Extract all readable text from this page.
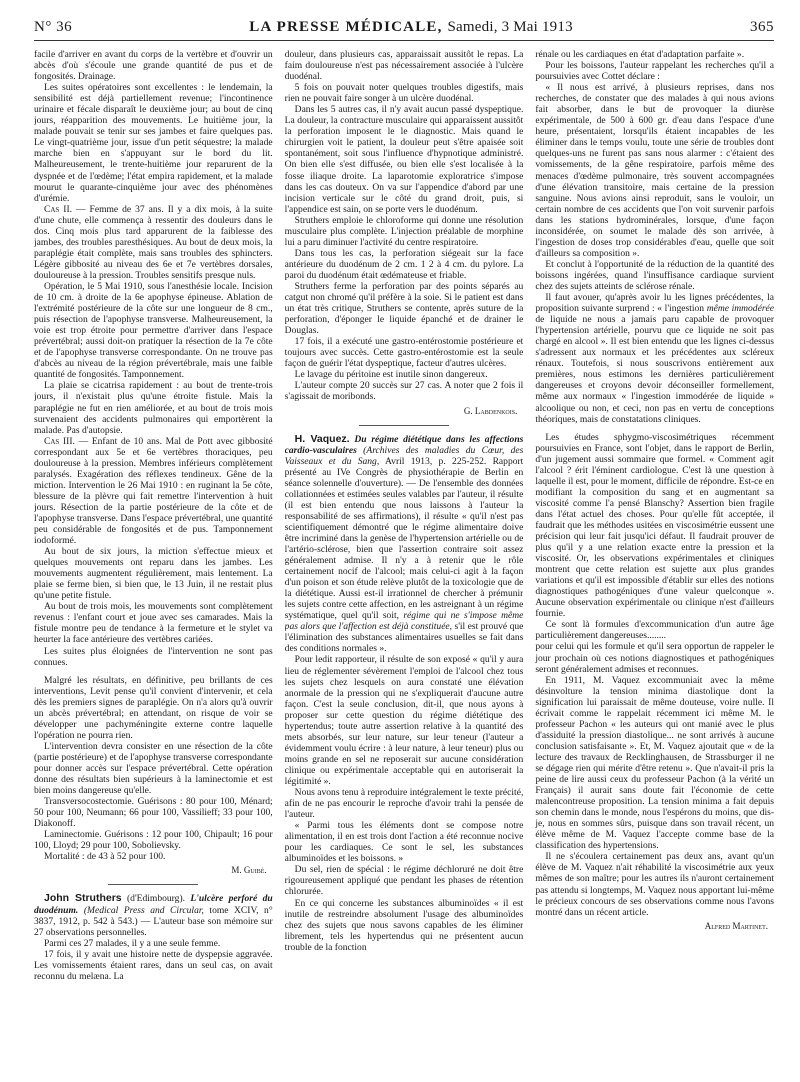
N° 36	LA PRESSE MÉDICALE, Samedi, 3 Mai 1913	365

facile d'arriver en avant du corps de la vertèbre et d'ouvrir un abcès d'où s'écoule une grande quantité de pus et de fongosités. Drainage.

Les suites opératoires sont excellentes : le lendemain, la sensibilité est déjà partiellement revenue; l'incontinence urinaire et fécale disparaît le deuxième jour; au bout de cinq jours, réapparition des mouvements. Le huitième jour, la malade pouvait se tenir sur ses jambes et faire quelques pas. Le vingt-quatrième jour, issue d'un petit séquestre; la malade marche bien en s'appuyant sur le bord du lit. Malheureusement, le trente-huitième jour reparurent de la dyspnée et de l'œdème; l'état empira rapidement, et la malade mourut le quarante-cinquième jour avec des phénomènes d'urémie.

Cas II. — Femme de 37 ans. Il y a dix mois, à la suite d'une chute, elle commença à ressentir des douleurs dans le dos. Cinq mois plus tard apparurent de la faiblesse des jambes, des troubles paresthésiques. Au bout de deux mois, la paraplégie était complète, mais sans troubles des sphincters. Légère gibbosité au niveau des 6e et 7e vertèbres dorsales, douloureuse à la pression. Troubles sensitifs presque nuls.

Opération, le 5 Mai 1910, sous l'anesthésie locale. Incision de 10 cm. à droite de la 6e apophyse épineuse. Ablation de l'extrémité postérieure de la côte sur une longueur de 8 cm., puis résection de l'apophyse transverse. Malheureusement, la voie est trop étroite pour permettre d'arriver dans l'espace prévertébral; aussi doit-on pratiquer la résection de la 7e côte et de l'apophyse transverse correspondante. On ne trouve pas d'abcès au niveau de la région prévertébrale, mais une faible quantité de fongosités. Tamponnement.

La plaie se cicatrisa rapidement : au bout de trente-trois jours, il n'existait plus qu'une étroite fistule. Mais la paraplégie ne fut en rien améliorée, et au bout de trois mois survenaient des accidents pulmonaires qui emportèrent la malade. Pas d'autopsie.

Cas III. — Enfant de 10 ans. Mal de Pott avec gibbosité correspondant aux 5e et 6e vertèbres thoraciques, peu douloureuse à la pression. Membres inférieurs complètement paralysés. Exagération des réflexes tendineux. Gêne de la miction. Intervention le 26 Mai 1910 : en ruginant la 5e côte, blessure de la plèvre qui fait remettre l'intervention à huit jours. Résection de la partie postérieure de la côte et de l'apophyse transverse. Dans l'espace prévertébral, une quantité peu considérable de fongosités et de pus. Tamponnement iodoformé.

Au bout de six jours, la miction s'effectue mieux et quelques mouvements ont reparu dans les jambes. Les mouvements augmentent régulièrement, mais lentement. La plaie se ferme bien, si bien que, le 13 Juin, il ne restait plus qu'une petite fistule.

Au bout de trois mois, les mouvements sont complètement revenus : l'enfant court et joue avec ses camarades. Mais la fistule montre peu de tendance à la fermeture et le stylet va heurter la face antérieure des vertèbres cariées.

Les suites plus éloignées de l'intervention ne sont pas connues.

Malgré les résultats, en définitive, peu brillants de ces interventions, Levit pense qu'il convient d'intervenir, et cela dès les premiers signes de paraplégie. On n'a alors qu'à ouvrir un abcès prévertébral; en attendant, on risque de voir se développer une pachyméningite externe contre laquelle l'opération ne pourra rien.

L'intervention devra consister en une résection de la côte (partie postérieure) et de l'apophyse transverse correspondante pour donner accès sur l'espace prévertébral. Cette opération donne des résultats bien supérieurs à la laminectomie et est bien moins dangereuse qu'elle.

Transversocostectomie. Guérisons : 80 pour 100, Ménard; 50 pour 100, Neumann; 66 pour 100, Vassilieff; 33 pour 100, Diakonoff.

Laminectomie. Guérisons : 12 pour 100, Chipault; 16 pour 100, Lloyd; 29 pour 100, Sobolievsky.

Mortalité : de 43 à 52 pour 100.

M. Guibé.

John Struthers (d'Edimbourg). L'ulcère perforé du duodénum. (Medical Press and Circular, tome XCIV, n° 3837, 1912, p. 542 à 543.) — L'auteur base son mémoire sur 27 observations personnelles.

Parmi ces 27 malades, il y a une seule femme.

17 fois, il y avait une histoire nette de dyspepsie aggravée. Les vomissements étaient rares, dans un seul cas, on avait reconnu du melæna. La

douleur, dans plusieurs cas, apparaissait aussitôt le repas. La faim douloureuse n'est pas nécessairement associée à l'ulcère duodénal.

5 fois on pouvait noter quelques troubles digestifs, mais rien ne pouvait faire songer à un ulcère duodénal.

Dans les 5 autres cas, il n'y avait aucun passé dyspeptique. La douleur, la contracture musculaire qui apparaissent aussitôt la perforation imposent le le diagnostic. Mais quand le chirurgien voit le patient, la douleur peut s'être apaisée soit spontanément, soit sous l'influence d'hypnotique administré. On bien elle s'est diffusée, ou bien elle s'est localisée à la fosse iliaque droite. La laparotomie exploratrice s'impose dans les cas douteux. On va sur l'appendice d'abord par une incision verticale sur le côté du grand droit, puis, si l'appendice est sain, on se porte vers le duodénum.

Struthers emploie le chloroforme qui donne une résolution musculaire plus complète. L'injection préalable de morphine lui a paru diminuer l'activité du centre respiratoire.

Dans tous les cas, la perforation siégeait sur la face antérieure du duodénum de 2 cm. 1 2 à 4 cm. du pylore. La paroi du duodénum était œdémateuse et friable.

Struthers ferme la perforation par des points séparés au catgut non chromé qu'il préfère à la soie. Si le patient est dans un état très critique, Struthers se contente, après suture de la perforation, d'éponger le liquide épanché et de drainer le Douglas.

17 fois, il a exécuté une gastro-entérostomie postérieure et toujours avec succès. Cette gastro-entérostomie est la seule façon de guérir l'état dyspeptique, facteur d'autres ulcères.

Le lavage du péritoine est inutile sinon dangereux.

L'auteur compte 20 succès sur 27 cas. A noter que 2 fois il s'agissait de moribonds.

G. Labdenkois.

H. Vaquez. Du régime diététique dans les affections cardio-vasculaires (Archives des maladies du Cœur, des Vaisseaux et du Sang, Avril 1913, p. 225-252. Rapport présenté au IVe Congrès de physiothérapie de Berlin en séance solennelle d'ouverture). — De l'ensemble des données collationnées et estimées seules valables par l'auteur, il résulte (il est bien entendu que nous laissons à l'auteur la responsabilité de ses affirmations), il résulte « qu'il n'est pas scientifiquement démontré que le régime alimentaire doive être incriminé dans la genèse de l'hypertension artérielle ou de l'artério-sclérose, bien que l'assertion contraire soit assez généralement admise. Il n'y a à retenir que le rôle certainement nocif de l'alcool; mais celui-ci agit à la façon d'un poison et son étude relève plutôt de la toxicologie que de la diététique. Aussi est-il irrationnel de chercher à prémunir les sujets contre cette affection, en les astreignant à un régime systématique, quel qu'il soit, régime qui ne s'impose même pas alors que l'affection est déjà constituée, s'il est prouvé que l'élimination des substances alimentaires usuelles se fait dans des conditions normales ».

Pour ledit rapporteur, il résulte de son exposé « qu'il y aura lieu de réglementer sévèrement l'emploi de l'alcool chez tous les sujets chez lesquels on aura constaté une élévation anormale de la pression qui ne s'expliquerait d'aucune autre façon. C'est la seule conclusion, dit-il, que nous ayons à proposer sur cette question du régime diététique des hypertendus; toute autre assertion relative à la quantité des mets absorbés, sur leur nature, sur leur teneur (l'auteur a évidemment voulu écrire : à leur nature, à leur teneur) plus ou moins grande en sel ne reposerait sur aucune considération clinique ou expérimentale acceptable qui en autoriserait la légitimité ».

Nous avons tenu à reproduire intégralement le texte précité, afin de ne pas encourir le reproche d'avoir trahi la pensée de l'auteur.

« Parmi tous les éléments dont se compose notre alimentation, il en est trois dont l'action a été reconnue nocive pour les cardiaques. Ce sont le sel, les substances albuminoïdes et les boissons. »

Du sel, rien de spécial : le régime déchloruré ne doit être rigoureusement appliqué que pendant les phases de rétention chlorurée.

En ce qui concerne les substances albuminoïdes « il est inutile de restreindre absolument l'usage des albuminoïdes chez des sujets que nous savons capables de les éliminer librement, tels les hypertendus qui ne présentent aucun trouble de la fonction

rénale ou les cardiaques en état d'adaptation parfaite ».

Pour les boissons, l'auteur rappelant les recherches qu'il a poursuivies avec Cottet déclare :

« Il nous est arrivé, à plusieurs reprises, dans nos recherches, de constater que des malades à qui nous avions fait absorber, dans le but de provoquer la diurèse expérimentale, de 500 à 600 gr. d'eau dans l'espace d'une heure, présentaient, lorsqu'ils étaient incapables de les éliminer dans le temps voulu, toute une série de troubles dont quelques-uns ne furent pas sans nous alarmer : c'étaient des vomissements, de la gêne respiratoire, parfois même des menaces d'œdème pulmonaire, très souvent accompagnées d'une élévation transitoire, mais certaine de la pression sanguine. Nous avions ainsi reproduit, sans le vouloir, un certain nombre de ces accidents que l'on voit survenir parfois dans les stations hydrominérales, lorsque, d'une façon inconsidérée, on soumet le malade dès son arrivée, à l'ingestion de doses trop considérables d'eau, quelle que soit d'ailleurs sa composition ».

Et conclut à l'opportunité de la réduction de la quantité des boissons ingérées, quand l'insuffisance cardiaque survient chez des sujets atteints de sclérose rénale.

Il faut avouer, qu'après avoir lu les lignes précédentes, la proposition suivante surprend : « l'ingestion même immodérée de liquide ne nous a jamais paru capable de provoquer l'hypertension artérielle, pourvu que ce liquide ne soit pas chargé en alcool ». Il est bien entendu que les lignes ci-dessus s'adressent aux normaux et les précédentes aux scléreux rénaux. Toutefois, si nous souscrivons entièrement aux premières, nous estimons les dernières particulièrement dangereuses et croyons devoir déconseiller formellement, même aux normaux « l'ingestion immodérée de liquide » alcoolique ou non, et ceci, non pas en vertu de conceptions théoriques, mais de constatations cliniques.

Les études sphygmo-viscosimétriques récemment poursuivies en France, sont l'objet, dans le rapport de Berlin, d'un jugement aussi sommaire que formel. « Comment agit l'alcool ? érit l'éminent cardiologue. C'est là une question à laquelle il est, pour le moment, difficile de répondre. Est-ce en modifiant la composition du sang et en augmentant sa viscosité comme l'a pensé Blanschy? Assertion bien fragile dans l'état actuel des choses. Pour qu'elle fût acceptée, il faudrait que les méthodes usitées en viscosimétrie eussent une précision qui leur fait jusqu'ici défaut. Il faudrait prouver de plus qu'il y a une relation exacte entre la pression et la viscosité. Or, les observations expérimentales et cliniques montrent que cette relation est sujette aux plus grandes variations et qu'il est impossible d'établir sur elles des notions diagnostiques pathogéniques d'une valeur quelconque ». Aucune observation expérimentale ou clinique n'est d'ailleurs fournie.

Ce sont là formules d'excommunication d'un autre âge particulièrement dangereuses........

pour celui qui les formule et qu'il sera opportun de rappeler le jour prochain où ces notions diagnostiques et pathogéniques seront généralement admises et reconnues.

En 1911, M. Vaquez excommuniait avec la même désinvolture la tension minima diastolique dont la signification lui paraissait de même douteuse, voire nulle. Il écrivait comme le rappelait récemment ici même M. le professeur Pachon « les auteurs qui ont manié avec le plus d'assiduité la pression diastolique... ne sont arrivés à aucune conclusion satisfaisante ». Et, M. Vaquez ajoutait que « de la lecture des travaux de Recklinghausen, de Strassburger il ne se dégage rien qui mérite d'être retenu ». Que n'avait-il pris la peine de lire aussi ceux du professeur Pachon (à la vérité un Français) il aurait sans doute fait l'économie de cette malencontreuse proposition. La tension minima a fait depuis son chemin dans le monde, nous l'espérons du moins, que dis-je, nous en sommes sûrs, puisque dans son travail récent, un élève même de M. Vaquez l'accepte comme base de la classification des hypertensions.

Il ne s'écoulera certainement pas deux ans, avant qu'un élève de M. Vaquez n'ait réhabilité la viscosimétrie aux yeux mêmes de son maître; pour les autres ils n'auront certainement pas attendu si longtemps, M. Vaquez nous apportant lui-même le précieux concours de ses observations comme nous l'avons montré dans un récent article.

Alfred Martinet.
